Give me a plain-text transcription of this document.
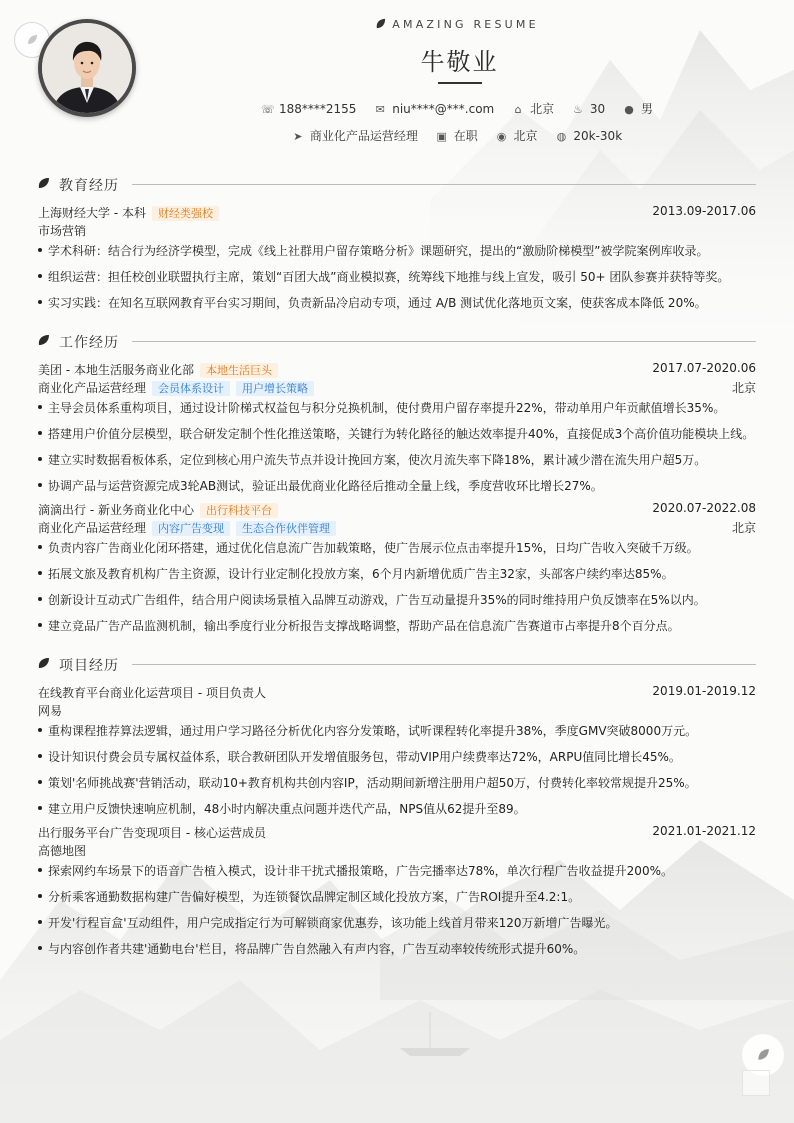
AMAZING RESUME
牛敬业
☏ 188****2155 ✉ niu****@***.com ⌂ 北京 ♨ 30 ● 男
➤ 商业化产品运营经理 ▣ 在职 ◉ 北京 ◍ 20k-30k
教育经历
上海财经大学 - 本科 财经类强校	2013.09-2017.06
市场营销
学术科研：结合行为经济学模型，完成《线上社群用户留存策略分析》课题研究，提出的“激励阶梯模型”被学院案例库收录。
组织运营：担任校创业联盟执行主席，策划“百团大战”商业模拟赛，统筹线下地推与线上宣发，吸引 50+ 团队参赛并获特等奖。
实习实践：在知名互联网教育平台实习期间，负责新品冷启动专项，通过 A/B 测试优化落地页文案，使获客成本降低 20%。
工作经历
美团 - 本地生活服务商业化部 本地生活巨头	2017.07-2020.06
商业化产品运营经理 会员体系设计 用户增长策略	北京
主导会员体系重构项目，通过设计阶梯式权益包与积分兑换机制，使付费用户留存率提升22%，带动单用户年贡献值增长35%。
搭建用户价值分层模型，联合研发定制个性化推送策略，关键行为转化路径的触达效率提升40%，直接促成3个高价值功能模块上线。
建立实时数据看板体系，定位到核心用户流失节点并设计挽回方案，使次月流失率下降18%，累计减少潜在流失用户超5万。
协调产品与运营资源完成3轮AB测试，验证出最优商业化路径后推动全量上线，季度营收环比增长27%。
滴滴出行 - 新业务商业化中心 出行科技平台	2020.07-2022.08
商业化产品运营经理 内容广告变现 生态合作伙伴管理	北京
负责内容广告商业化闭环搭建，通过优化信息流广告加载策略，使广告展示位点击率提升15%，日均广告收入突破千万级。
拓展文旅及教育机构广告主资源，设计行业定制化投放方案，6个月内新增优质广告主32家，头部客户续约率达85%。
创新设计互动式广告组件，结合用户阅读场景植入品牌互动游戏，广告互动量提升35%的同时维持用户负反馈率在5%以内。
建立竞品广告产品监测机制，输出季度行业分析报告支撑战略调整，帮助产品在信息流广告赛道市占率提升8个百分点。
项目经历
在线教育平台商业化运营项目 - 项目负责人	2019.01-2019.12
网易
重构课程推荐算法逻辑，通过用户学习路径分析优化内容分发策略，试听课程转化率提升38%，季度GMV突破8000万元。
设计知识付费会员专属权益体系，联合教研团队开发增值服务包，带动VIP用户续费率达72%，ARPU值同比增长45%。
策划'名师挑战赛'营销活动，联动10+教育机构共创内容IP，活动期间新增注册用户超50万，付费转化率较常规提升25%。
建立用户反馈快速响应机制，48小时内解决重点问题并迭代产品，NPS值从62提升至89。
出行服务平台广告变现项目 - 核心运营成员	2021.01-2021.12
高德地图
探索网约车场景下的语音广告植入模式，设计非干扰式播报策略，广告完播率达78%，单次行程广告收益提升200%。
分析乘客通勤数据构建广告偏好模型，为连锁餐饮品牌定制区域化投放方案，广告ROI提升至4.2:1。
开发'行程盲盒'互动组件，用户完成指定行为可解锁商家优惠券，该功能上线首月带来120万新增广告曝光。
与内容创作者共建'通勤电台'栏目，将品牌广告自然融入有声内容，广告互动率较传统形式提升60%。
